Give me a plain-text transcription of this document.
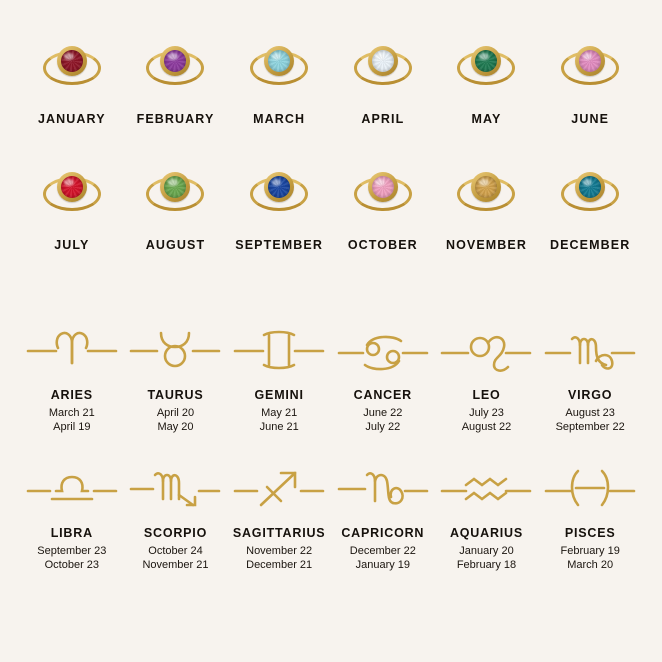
JANUARY FEBRUARY	MARCH	APRIL	MAY	JUNE
JULY	AUGUST SEPTEMBER OCTOBER NOVEMBER DECEMBER
ARIES
March 21
April 19
TAURUS
April 20
May 20
GEMINI
May 21
June 21
CANCER
June 22
July 22
LEO
July 23
August 22
VIRGO
August 23
September 22
LIBRA
September 23
October 23
SCORPIO
October 24
November 21
SAGITTARIUS
November 22
December 21
CAPRICORN
December 22
January 19
AQUARIUS
January 20
February 18
PISCES
February 19
March 20
